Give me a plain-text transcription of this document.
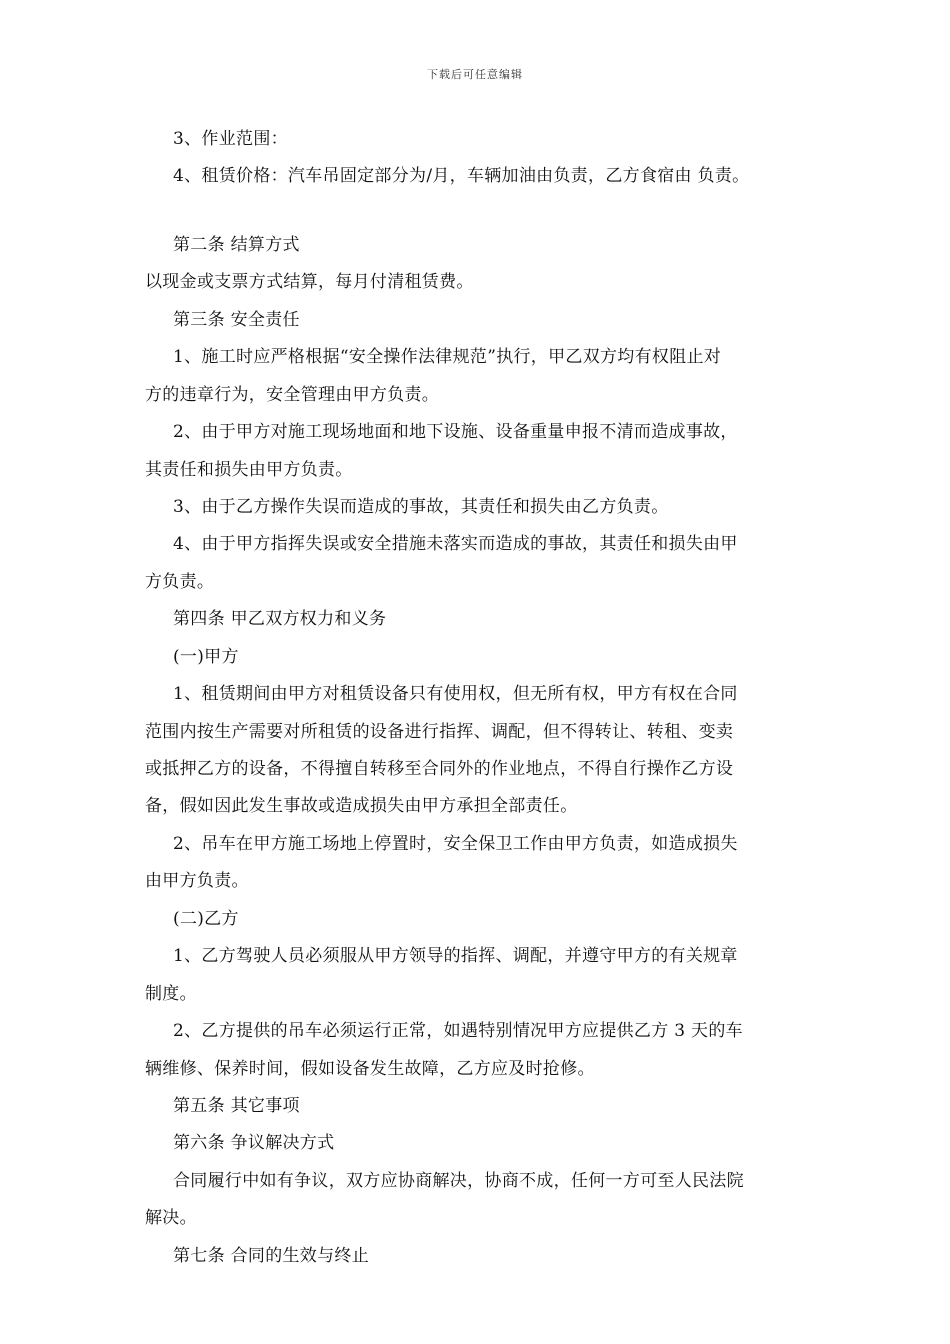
下载后可任意编辑
3、作业范围：
4、租赁价格：汽车吊固定部分为/月，车辆加油由负责，乙方食宿由 负责。
第二条 结算方式
以现金或支票方式结算，每月付清租赁费。
第三条 安全责任
1、施工时应严格根据“安全操作法律规范”执行，甲乙双方均有权阻止对
方的违章行为，安全管理由甲方负责。
2、由于甲方对施工现场地面和地下设施、设备重量申报不清而造成事故，
其责任和损失由甲方负责。
3、由于乙方操作失误而造成的事故，其责任和损失由乙方负责。
4、由于甲方指挥失误或安全措施未落实而造成的事故，其责任和损失由甲
方负责。
第四条 甲乙双方权力和义务
(一)甲方
1、租赁期间由甲方对租赁设备只有使用权，但无所有权，甲方有权在合同
范围内按生产需要对所租赁的设备进行指挥、调配，但不得转让、转租、变卖
或抵押乙方的设备，不得擅自转移至合同外的作业地点，不得自行操作乙方设
备，假如因此发生事故或造成损失由甲方承担全部责任。
2、吊车在甲方施工场地上停置时，安全保卫工作由甲方负责，如造成损失
由甲方负责。
(二)乙方
1、乙方驾驶人员必须服从甲方领导的指挥、调配，并遵守甲方的有关规章
制度。
2、乙方提供的吊车必须运行正常，如遇特别情况甲方应提供乙方 3 天的车
辆维修、保养时间，假如设备发生故障，乙方应及时抢修。
第五条 其它事项
第六条 争议解决方式
合同履行中如有争议，双方应协商解决，协商不成，任何一方可至人民法院
解决。
第七条 合同的生效与终止
